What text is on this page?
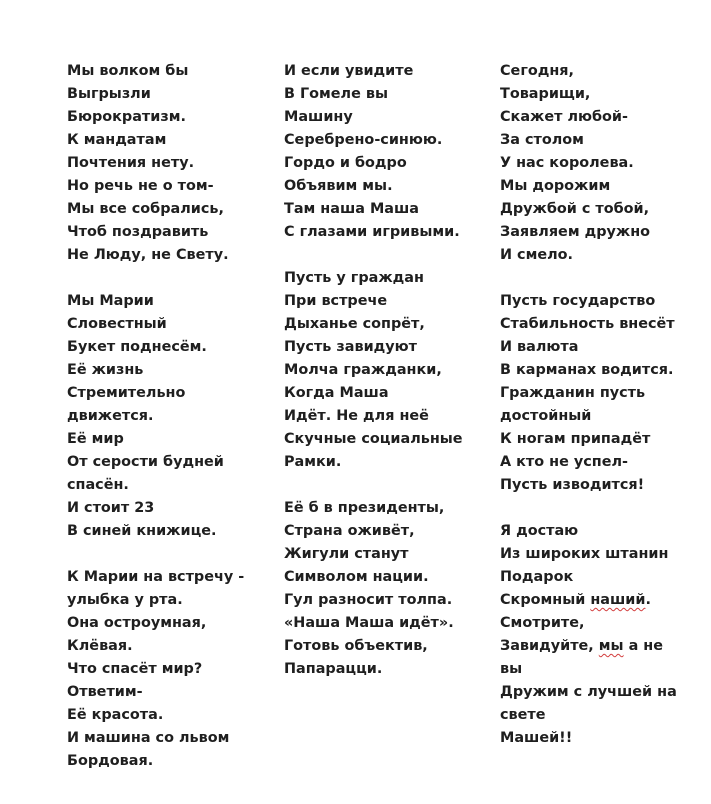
Мы волком бы
Выгрызли
Бюрократизм.
К мандатам
Почтения нету.
Но речь не о том-
Мы все собрались,
Чтоб поздравить
Не Люду, не Свету.
Мы Марии
Словестный
Букет поднесём.
Её жизнь
Стремительно
движется.
Её мир
От серости будней
спасён.
И стоит 23
В синей книжице.
К Марии на встречу -
улыбка у рта.
Она остроумная,
Клёвая.
Что спасёт мир?
Ответим-
Её красота.
И машина со львом
Бордовая.
И если увидите
В Гомеле вы
Машину
Серебрено-синюю.
Гордо и бодро
Объявим мы.
Там наша Маша
С глазами игривыми.
Пусть у граждан
При встрече
Дыханье сопрёт,
Пусть завидуют
Молча гражданки,
Когда Маша
Идёт. Не для неё
Скучные социальные
Рамки.
Её б в президенты,
Страна оживёт,
Жигули станут
Символом нации.
Гул разносит толпа.
«Наша Маша идёт».
Готовь объектив,
Папарацци.
Сегодня,
Товарищи,
Скажет любой-
За столом
У нас королева.
Мы дорожим
Дружбой с тобой,
Заявляем дружно
И смело.
Пусть государство
Стабильность внесёт
И валюта
В карманах водится.
Гражданин пусть
достойный
К ногам припадёт
А кто не успел-
Пусть изводится!
Я достаю
Из широких штанин
Подарок
Скромный наший.
Смотрите,
Завидуйте, мы а не
вы
Дружим с лучшей на
свете
Машей!!
